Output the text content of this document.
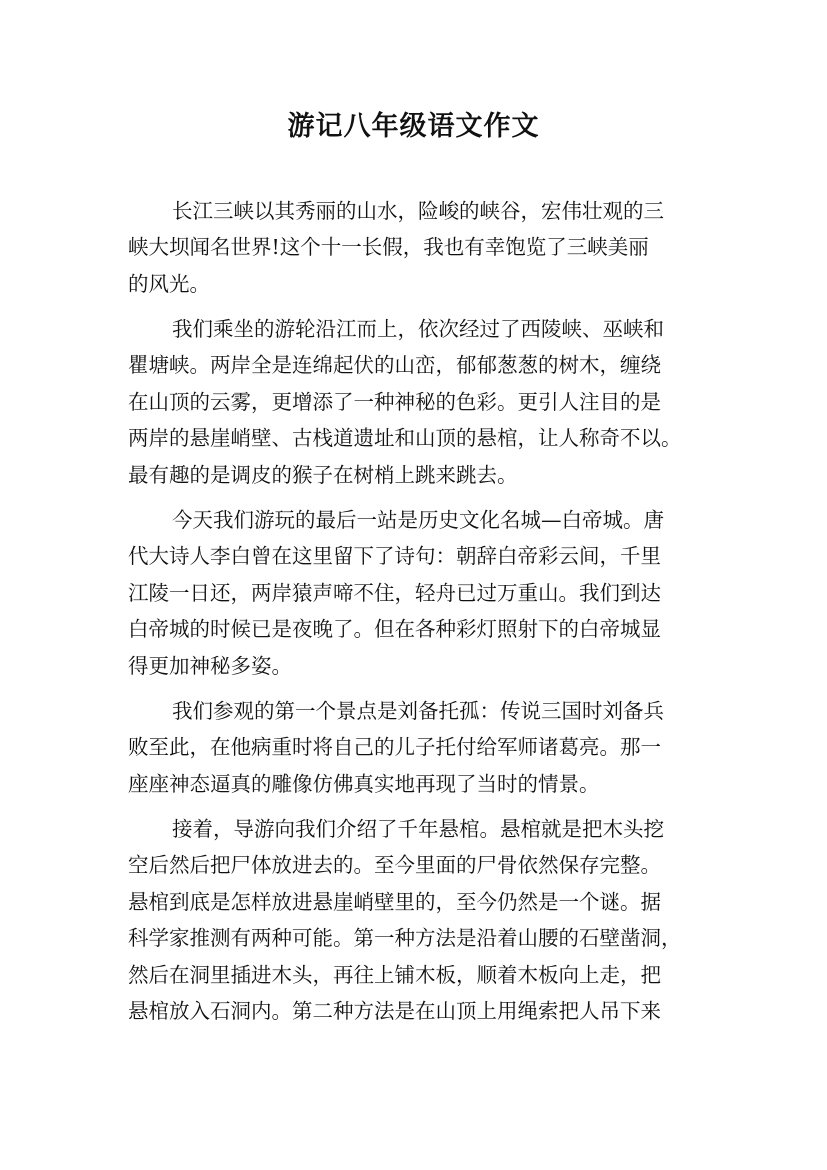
游记八年级语文作文
长江三峡以其秀丽的山水，险峻的峡谷，宏伟壮观的三
峡大坝闻名世界!这个十一长假，我也有幸饱览了三峡美丽
的风光。
我们乘坐的游轮沿江而上，依次经过了西陵峡、巫峡和
瞿塘峡。两岸全是连绵起伏的山峦，郁郁葱葱的树木，缠绕
在山顶的云雾，更增添了一种神秘的色彩。更引人注目的是
两岸的悬崖峭壁、古栈道遗址和山顶的悬棺，让人称奇不以。
最有趣的是调皮的猴子在树梢上跳来跳去。
今天我们游玩的最后一站是历史文化名城—白帝城。唐
代大诗人李白曾在这里留下了诗句：朝辞白帝彩云间，千里
江陵一日还，两岸猿声啼不住，轻舟已过万重山。我们到达
白帝城的时候已是夜晚了。但在各种彩灯照射下的白帝城显
得更加神秘多姿。
我们参观的第一个景点是刘备托孤：传说三国时刘备兵
败至此，在他病重时将自己的儿子托付给军师诸葛亮。那一
座座神态逼真的雕像仿佛真实地再现了当时的情景。
接着，导游向我们介绍了千年悬棺。悬棺就是把木头挖
空后然后把尸体放进去的。至今里面的尸骨依然保存完整。
悬棺到底是怎样放进悬崖峭壁里的，至今仍然是一个谜。据
科学家推测有两种可能。第一种方法是沿着山腰的石壁凿洞，
然后在洞里插进木头，再往上铺木板，顺着木板向上走，把
悬棺放入石洞内。第二种方法是在山顶上用绳索把人吊下来
